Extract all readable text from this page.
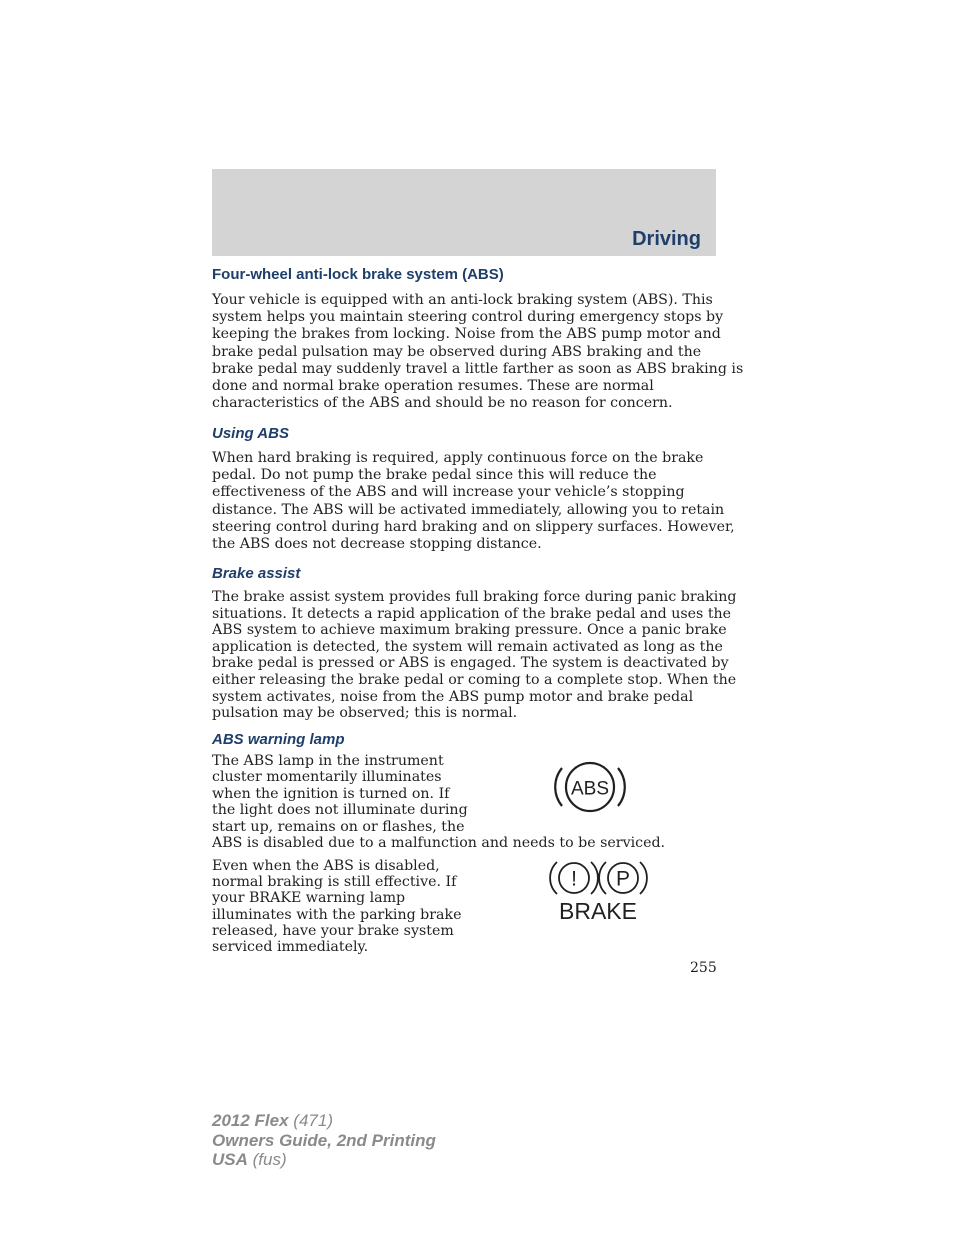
Driving
Four-wheel anti-lock brake system (ABS)

Your vehicle is equipped with an anti-lock braking system (ABS). This
system helps you maintain steering control during emergency stops by
keeping the brakes from locking. Noise from the ABS pump motor and
brake pedal pulsation may be observed during ABS braking and the
brake pedal may suddenly travel a little farther as soon as ABS braking is
done and normal brake operation resumes. These are normal
characteristics of the ABS and should be no reason for concern.

Using ABS

When hard braking is required, apply continuous force on the brake
pedal. Do not pump the brake pedal since this will reduce the
effectiveness of the ABS and will increase your vehicle’s stopping
distance. The ABS will be activated immediately, allowing you to retain
steering control during hard braking and on slippery surfaces. However,
the ABS does not decrease stopping distance.

Brake assist

The brake assist system provides full braking force during panic braking
situations. It detects a rapid application of the brake pedal and uses the
ABS system to achieve maximum braking pressure. Once a panic brake
application is detected, the system will remain activated as long as the
brake pedal is pressed or ABS is engaged. The system is deactivated by
either releasing the brake pedal or coming to a complete stop. When the
system activates, noise from the ABS pump motor and brake pedal
pulsation may be observed; this is normal.

ABS warning lamp

The ABS lamp in the instrument
cluster momentarily illuminates
when the ignition is turned on. If
the light does not illuminate during
start up, remains on or flashes, the
ABS is disabled due to a malfunction and needs to be serviced.

ABS

Even when the ABS is disabled,
normal braking is still effective. If
your BRAKE warning lamp
illuminates with the parking brake
released, have your brake system
serviced immediately.

! P
BRAKE
255
2012 Flex (471)
Owners Guide, 2nd Printing
USA (fus)
